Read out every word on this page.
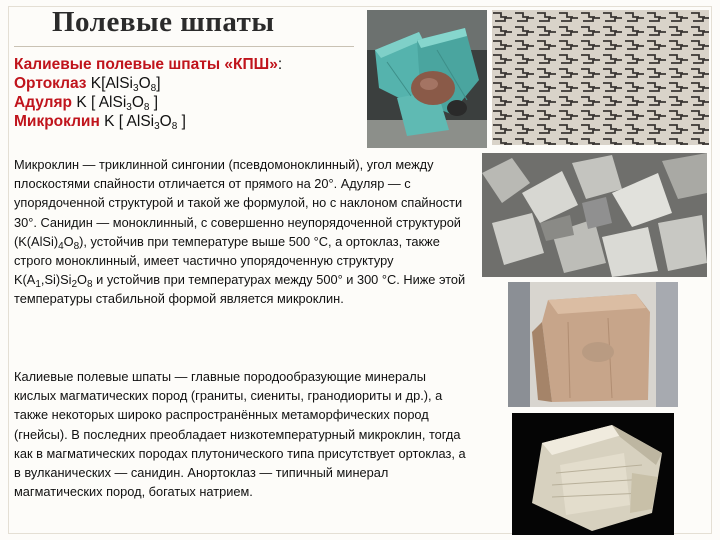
Полевые шпаты
Калиевые полевые шпаты «КПШ»:
Ортоклаз $K[AlSi_3O_8]$
Адуляр K [ $AlSi_3O_8$ ]
Микроклин K [ $AlSi_3O_8$ ]
Микроклин — триклинной сингонии (псевдомоноклинный), угол между плоскостями спайности отличается от прямого на 20°. Адуляр — с упорядоченной структурой и такой же формулой, но с наклоном спайности 30°. Санидин — моноклинный, с совершенно неупорядоченной структурой $(K(AlSi)_4O_8)$, устойчив при температуре выше 500 °С, а ортоклаз, также строго моноклинный, имеет частично упорядоченную структуру $K(A_1,Si)Si_2O_8$ и устойчив при температурах между 500° и 300 °С. Ниже этой температуры стабильной формой является микроклин.
Калиевые полевые шпаты — главные породообразующие минералы кислых магматических пород (граниты, сиениты, гранодиориты и др.), а также некоторых широко распространённых метаморфических пород (гнейсы). В последних преобладает низкотемпературный микроклин, тогда как в магматических породах плутонического типа присутствует ортоклаз, а в вулканических — санидин. Анортоклаз — типичный минерал магматических пород, богатых натрием.
